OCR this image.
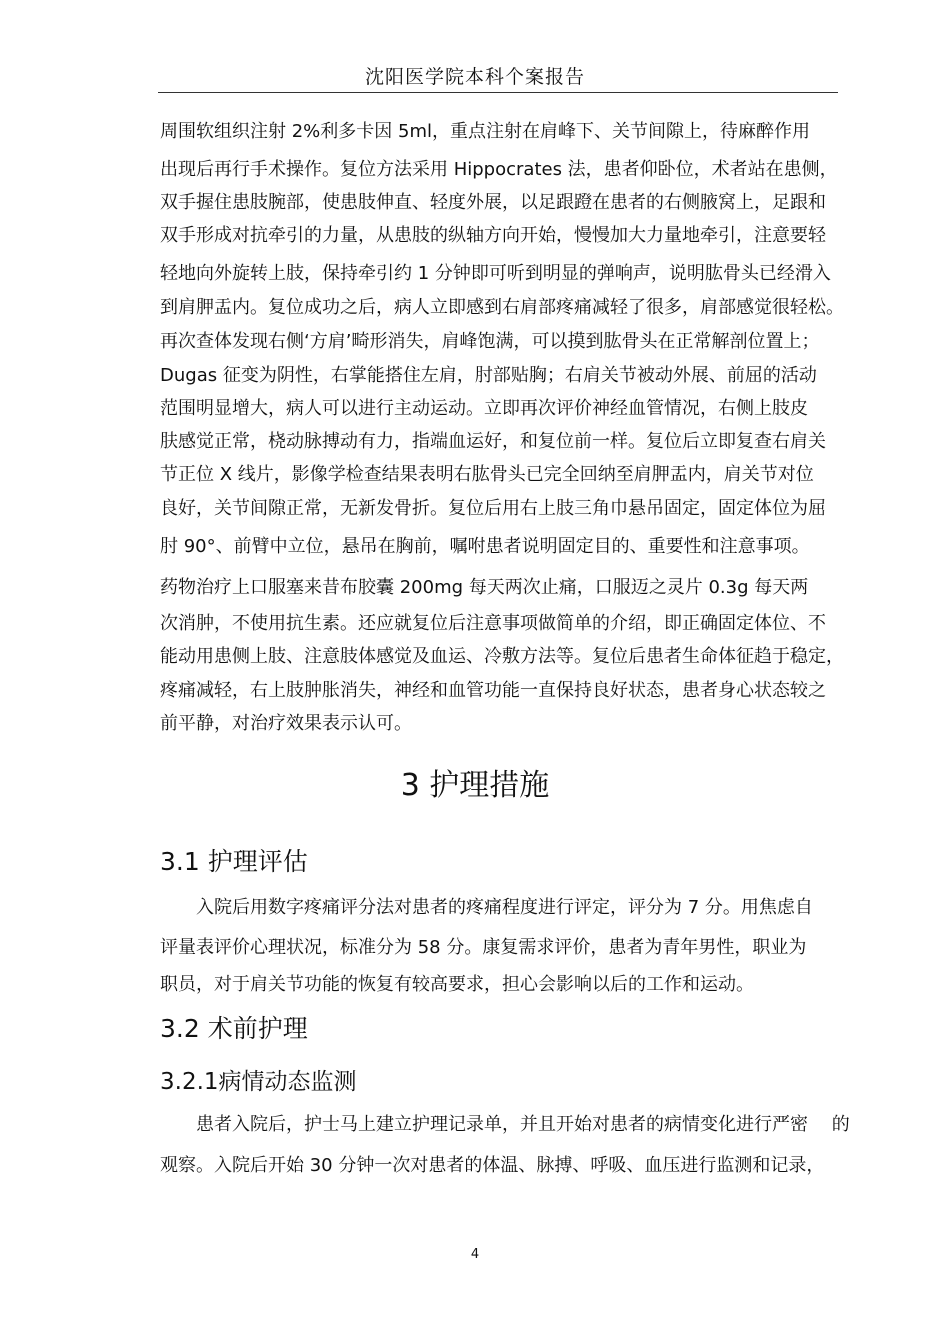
沈阳医学院本科个案报告
周围软组织注射 2%利多卡因 5ml，重点注射在肩峰下、关节间隙上，待麻醉作用
出现后再行手术操作。复位方法采用 Hippocrates 法，患者仰卧位，术者站在患侧，
双手握住患肢腕部，使患肢伸直、轻度外展，以足跟蹬在患者的右侧腋窝上，足跟和
双手形成对抗牵引的力量，从患肢的纵轴方向开始，慢慢加大力量地牵引，注意要轻
轻地向外旋转上肢，保持牵引约 1 分钟即可听到明显的弹响声，说明肱骨头已经滑入
到肩胛盂内。复位成功之后，病人立即感到右肩部疼痛减轻了很多，肩部感觉很轻松。
再次查体发现右侧‘方肩’畸形消失，肩峰饱满，可以摸到肱骨头在正常解剖位置上；
Dugas 征变为阴性，右掌能搭住左肩，肘部贴胸；右肩关节被动外展、前屈的活动
范围明显增大，病人可以进行主动运动。立即再次评价神经血管情况，右侧上肢皮
肤感觉正常，桡动脉搏动有力，指端血运好，和复位前一样。复位后立即复查右肩关
节正位 X 线片，影像学检查结果表明右肱骨头已完全回纳至肩胛盂内，肩关节对位
良好，关节间隙正常，无新发骨折。复位后用右上肢三角巾悬吊固定，固定体位为屈
肘 90°、前臂中立位，悬吊在胸前，嘱咐患者说明固定目的、重要性和注意事项。
药物治疗上口服塞来昔布胶囊 200mg 每天两次止痛，口服迈之灵片 0.3g 每天两
次消肿，不使用抗生素。还应就复位后注意事项做简单的介绍，即正确固定体位、不
能动用患侧上肢、注意肢体感觉及血运、冷敷方法等。复位后患者生命体征趋于稳定，
疼痛减轻，右上肢肿胀消失，神经和血管功能一直保持良好状态，患者身心状态较之
前平静，对治疗效果表示认可。
3 护理措施
3.1 护理评估
　　入院后用数字疼痛评分法对患者的疼痛程度进行评定，评分为 7 分。用焦虑自
评量表评价心理状况，标准分为 58 分。康复需求评价，患者为青年男性，职业为
职员，对于肩关节功能的恢复有较高要求，担心会影响以后的工作和运动。
3.2 术前护理
3.2.1病情动态监测
　　患者入院后，护士马上建立护理记录单，并且开始对患者的病情变化进行严密　 的
观察。入院后开始 30 分钟一次对患者的体温、脉搏、呼吸、血压进行监测和记录，
4
